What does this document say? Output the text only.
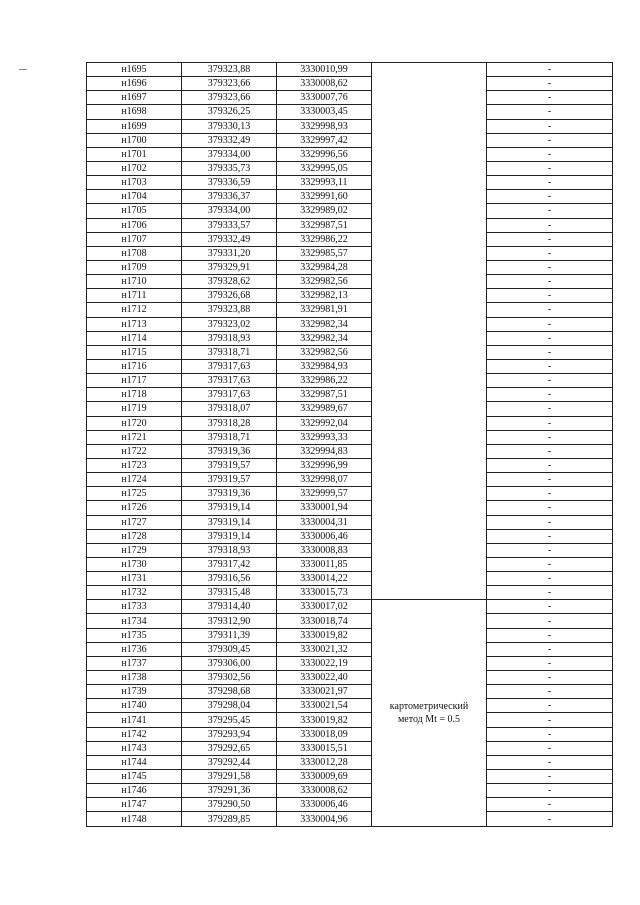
н1695	379323,88	3330010,99		-
н1696	379323,66	3330008,62		-
н1697	379323,66	3330007,76		-
н1698	379326,25	3330003,45		-
н1699	379330,13	3329998,93		-
н1700	379332,49	3329997,42		-
н1701	379334,00	3329996,56		-
н1702	379335,73	3329995,05		-
н1703	379336,59	3329993,11		-
н1704	379336,37	3329991,60		-
н1705	379334,00	3329989,02		-
н1706	379333,57	3329987,51		-
н1707	379332,49	3329986,22		-
н1708	379331,20	3329985,57		-
н1709	379329,91	3329984,28		-
н1710	379328,62	3329982,56		-
н1711	379326,68	3329982,13		-
н1712	379323,88	3329981,91		-
н1713	379323,02	3329982,34		-
н1714	379318,93	3329982,34		-
н1715	379318,71	3329982,56		-
н1716	379317,63	3329984,93		-
н1717	379317,63	3329986,22		-
н1718	379317,63	3329987,51		-
н1719	379318,07	3329989,67		-
н1720	379318,28	3329992,04		-
н1721	379318,71	3329993,33		-
н1722	379319,36	3329994,83		-
н1723	379319,57	3329996,99		-
н1724	379319,57	3329998,07		-
н1725	379319,36	3329999,57		-
н1726	379319,14	3330001,94		-
н1727	379319,14	3330004,31		-
н1728	379319,14	3330006,46		-
н1729	379318,93	3330008,83		-
н1730	379317,42	3330011,85		-
н1731	379316,56	3330014,22		-
н1732	379315,48	3330015,73		-
н1733	379314,40	3330017,02	картометрический
метод Mt = 0.5	-
н1734	379312,90	3330018,74		-
н1735	379311,39	3330019,82		-
н1736	379309,45	3330021,32		-
н1737	379306,00	3330022,19		-
н1738	379302,56	3330022,40		-
н1739	379298,68	3330021,97		-
н1740	379298,04	3330021,54		-
н1741	379295,45	3330019,82		-
н1742	379293,94	3330018,09		-
н1743	379292,65	3330015,51		-
н1744	379292,44	3330012,28		-
н1745	379291,58	3330009,69		-
н1746	379291,36	3330008,62		-
н1747	379290,50	3330006,46		-
н1748	379289,85	3330004,96		-
